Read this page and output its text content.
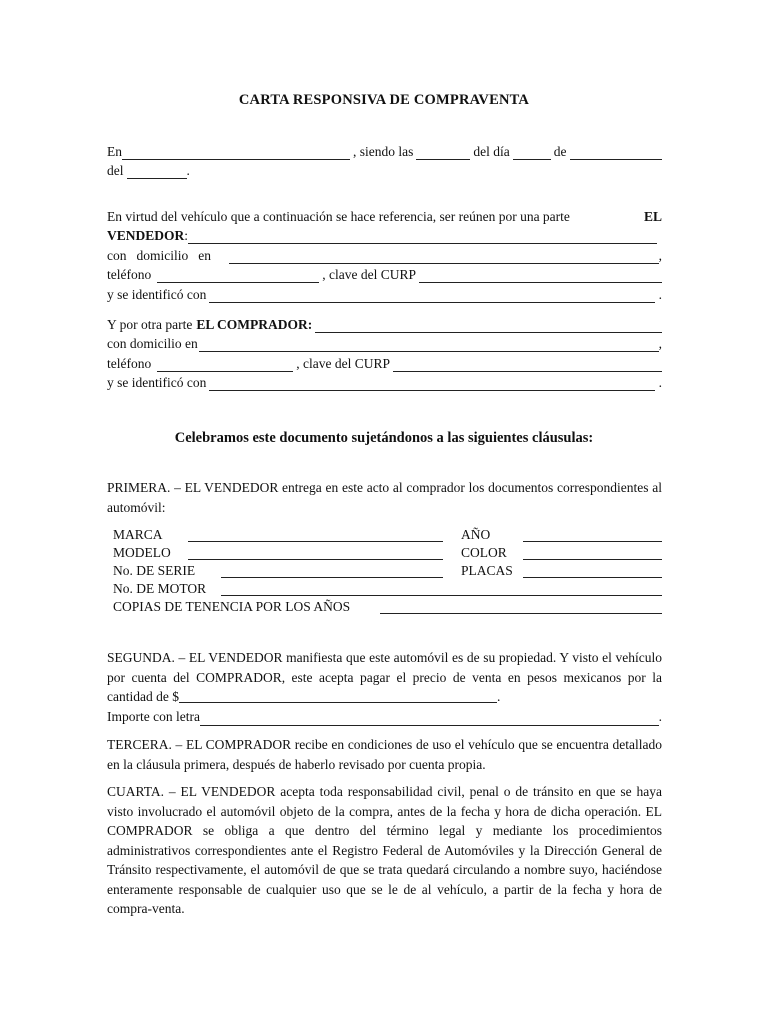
CARTA RESPONSIVA DE COMPRAVENTA
En	, siendo las	del día	de
del	.
En virtud del vehículo que a continuación se hace referencia, ser reúnen por una parte	EL
VENDEDOR :
con domicilio en	,
teléfono	, clave del CURP
y se identificó con	.
Y por otra parte EL COMPRADOR:
con domicilio en	,
teléfono	, clave del CURP
y se identificó con	.
Celebramos este documento sujetándonos a las siguientes cláusulas:

PRIMERA. – EL VENDEDOR entrega en este acto al comprador los documentos correspondientes al automóvil:

MARCA	AÑO
MODELO	COLOR
No. DE SERIE	PLACAS
No. DE MOTOR
COPIAS DE TENENCIA POR LOS AÑOS

SEGUNDA. – EL VENDEDOR manifiesta que este automóvil es de su propiedad. Y visto el vehículo por cuenta del COMPRADOR, este acepta pagar el precio de venta en pesos mexicanos por la cantidad de $	.

Importe con letra	.

TERCERA. – EL COMPRADOR recibe en condiciones de uso el vehículo que se encuentra detallado en la cláusula primera, después de haberlo revisado por cuenta propia.

CUARTA. – EL VENDEDOR acepta toda responsabilidad civil, penal o de tránsito en que se haya visto involucrado el automóvil objeto de la compra, antes de la fecha y hora de dicha operación. EL COMPRADOR se obliga a que dentro del término legal y mediante los procedimientos administrativos correspondientes ante el Registro Federal de Automóviles y la Dirección General de Tránsito respectivamente, el automóvil de que se trata quedará circulando a nombre suyo, haciéndose enteramente responsable de cualquier uso que se le de al vehículo, a partir de la fecha y hora de compra-venta.
